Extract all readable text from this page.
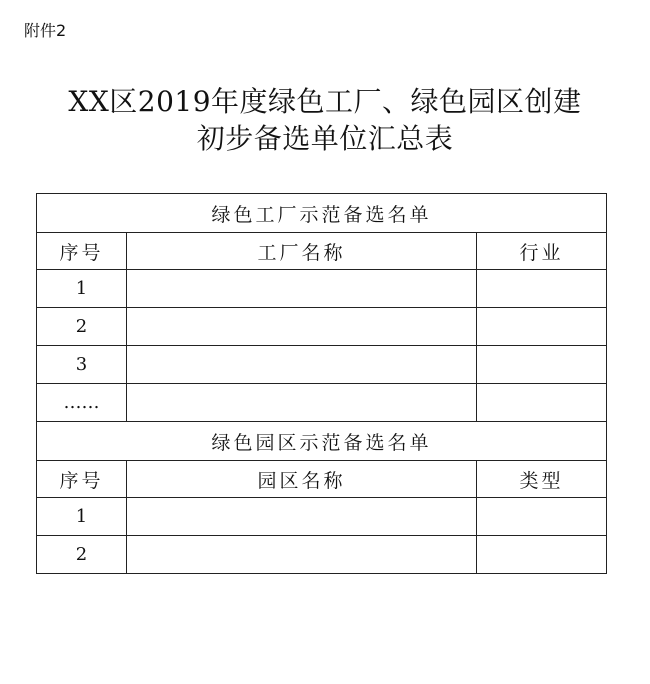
附件2
XX区2019年度绿色工厂、绿色园区创建
初步备选单位汇总表
绿色工厂示范备选名单		
序号	工厂名称	行业
1		
2		
3		
……		
绿色园区示范备选名单		
序号	园区名称	类型
1		
2		
